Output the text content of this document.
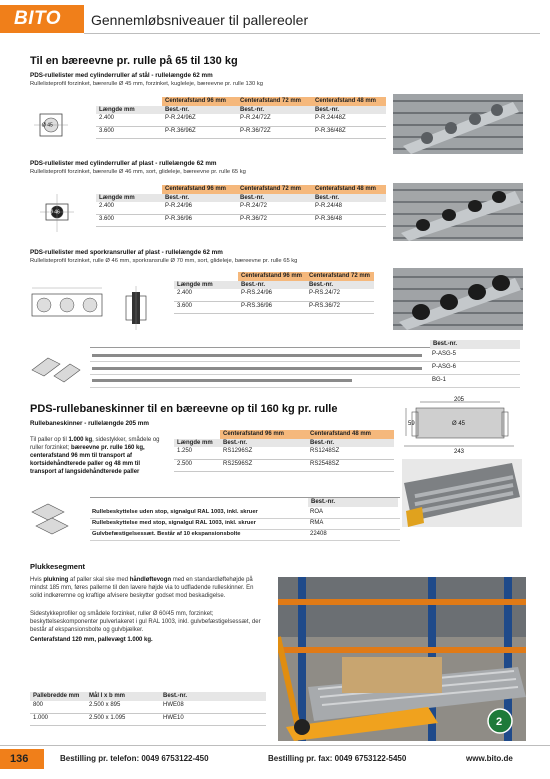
BITO	Gennemløbsniveauer til pallereoler
Til en bæreevne pr. rulle på 65 til 130 kg
PDS-rullelister med cylinderruller af stål - rullelængde 62 mm
Rullelisteprofil forzinket, bærerulle Ø 45 mm, forzinket, kugleleje, bæreevne pr. rulle 130 kg
Ø 45
	Centerafstand 96 mm	Centerafstand 72 mm	Centerafstand 48 mm
Længde mm	Best.-nr.	Best.-nr.	Best.-nr.
2.400	P-R.24/96Z	P-R.24/72Z	P-R.24/48Z
3.600	P-R.36/96Z	P-R.36/72Z	P-R.36/48Z
PDS-rullelister med cylinderruller af plast - rullelængde 62 mm
Rullelisteprofil forzinket, bærerulle Ø 46 mm, sort, glideleje, bæreevne pr. rulle 65 kg
Ø 46
	Centerafstand 96 mm	Centerafstand 72 mm	Centerafstand 48 mm
Længde mm	Best.-nr.	Best.-nr.	Best.-nr.
2.400	P-R.24/96	P-R.24/72	P-R.24/48
3.600	P-R.36/96	P-R.36/72	P-R.36/48
PDS-rullelister med sporkransruller af plast - rullelængde 62 mm
Rullelisteprofil forzinket, rulle Ø 46 mm, sporkransrulle Ø 70 mm, sort, glideleje, bæreevne pr. rulle 65 kg
	Centerafstand 96 mm	Centerafstand 72 mm
Længde mm	Best.-nr.	Best.-nr.
2.400	P-RS.24/96	P-RS.24/72
3.600	P-RS.36/96	P-RS.36/72
Best.-nr.
P-ASG-5
P-ASG-6
BG-1
PDS-rullebaneskinner til en bæreevne op til 160 kg pr. rulle
Rullebaneskinner - rullelængde 205 mm
Til paller op til 1.000 kg, sidestykker, smådele og ruller forzinket; bæreevne pr. rulle 160 kg, centerafstand 96 mm til transport af kortsidehåndterede paller og 48 mm til transport af langsidehåndterede paller
205
59	Ø 45
243
	Centerafstand 96 mm	Centerafstand 48 mm
Længde mm	Best.-nr.	Best.-nr.
1.250	RS1296SZ	RS1248SZ
2.500	RS2596SZ	RS2548SZ
Best.-nr.
Rullebeskyttelse uden stop, signalgul RAL 1003, inkl. skruer	ROA
Rullebeskyttelse med stop, signalgul RAL 1003, inkl. skruer	RMA
Gulvbefæstigelsessæt. Består af 10 ekspansionsbolte	22408
Plukkesegment
Hvis plukning af paller skal ske med håndløftevogn med en standardløftehøjde på mindst 185 mm, føres pallerne til den lavere højde via to udfladende rulleskinner. En solid indkøremne og kraftige afvisere beskytter godset mod beskadigelse.
Sidestykkeprofiler og smådele forzinket, ruller Ø 60/45 mm, forzinket; beskyttelseskomponenter pulverlakeret i gul RAL 1003, inkl. gulvbefæstigelsessæt, der består af ekspansionsbolte og gulvbjælker.
Centerafstand 120 mm, pallevægt 1.000 kg.
2
Pallebredde mm	Mål l x b mm	Best.-nr.
800	2.500 x 895	HWE08
1.000	2.500 x 1.095	HWE10
136	Bestilling pr. telefon: 0049 6753122-450	Bestilling pr. fax: 0049 6753122-5450	www.bito.de
